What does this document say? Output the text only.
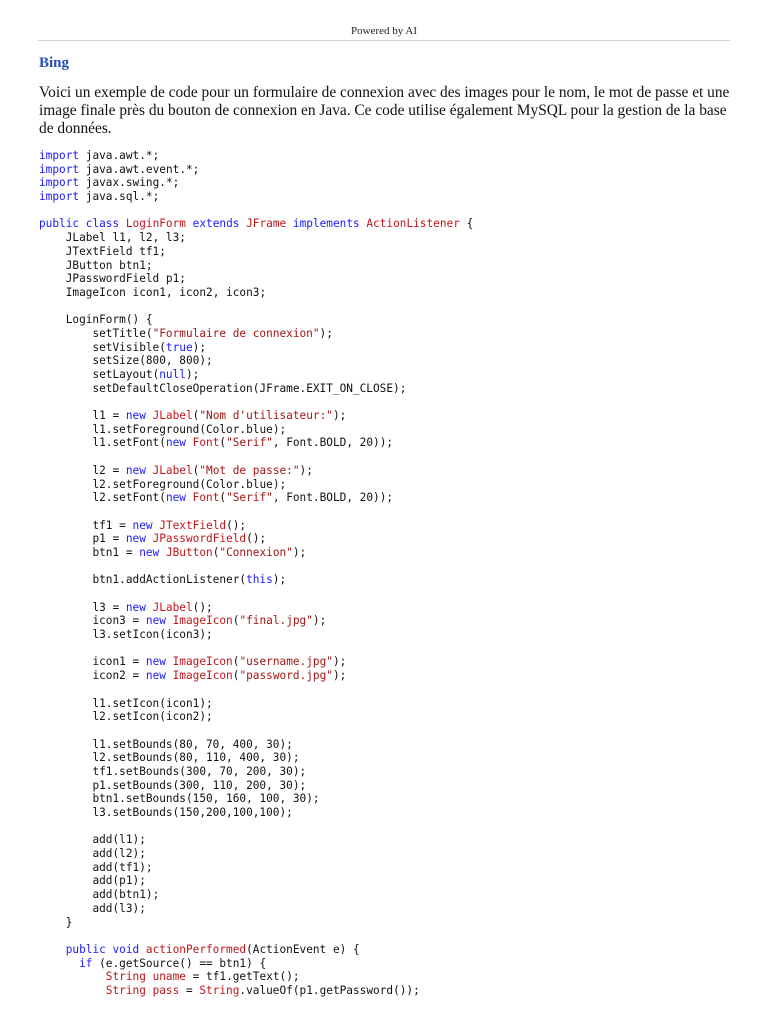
Powered by AI
Bing
Voici un exemple de code pour un formulaire de connexion avec des images pour le nom, le mot de passe et une image finale près du bouton de connexion en Java. Ce code utilise également MySQL pour la gestion de la base de données.
import java.awt.*;
import java.awt.event.*;
import javax.swing.*;
import java.sql.*;

public class LoginForm extends JFrame implements ActionListener {
JLabel l1, l2, l3;
JTextField tf1;
JButton btn1;
JPasswordField p1;
ImageIcon icon1, icon2, icon3;

LoginForm() {
setTitle("Formulaire de connexion");
setVisible(true);
setSize(800, 800);
setLayout(null);
setDefaultCloseOperation(JFrame.EXIT_ON_CLOSE);

l1 = new JLabel("Nom d'utilisateur:");
l1.setForeground(Color.blue);
l1.setFont(new Font("Serif", Font.BOLD, 20));

l2 = new JLabel("Mot de passe:");
l2.setForeground(Color.blue);
l2.setFont(new Font("Serif", Font.BOLD, 20));

tf1 = new JTextField();
p1 = new JPasswordField();
btn1 = new JButton("Connexion");

btn1.addActionListener(this);

l3 = new JLabel();
icon3 = new ImageIcon("final.jpg");
l3.setIcon(icon3);

icon1 = new ImageIcon("username.jpg");
icon2 = new ImageIcon("password.jpg");

l1.setIcon(icon1);
l2.setIcon(icon2);

l1.setBounds(80, 70, 400, 30);
l2.setBounds(80, 110, 400, 30);
tf1.setBounds(300, 70, 200, 30);
p1.setBounds(300, 110, 200, 30);
btn1.setBounds(150, 160, 100, 30);
l3.setBounds(150,200,100,100);

add(l1);
add(l2);
add(tf1);
add(p1);
add(btn1);
add(l3);
}

public void actionPerformed(ActionEvent e) {
if (e.getSource() == btn1) {
String uname = tf1.getText();
String pass = String.valueOf(p1.getPassword());
